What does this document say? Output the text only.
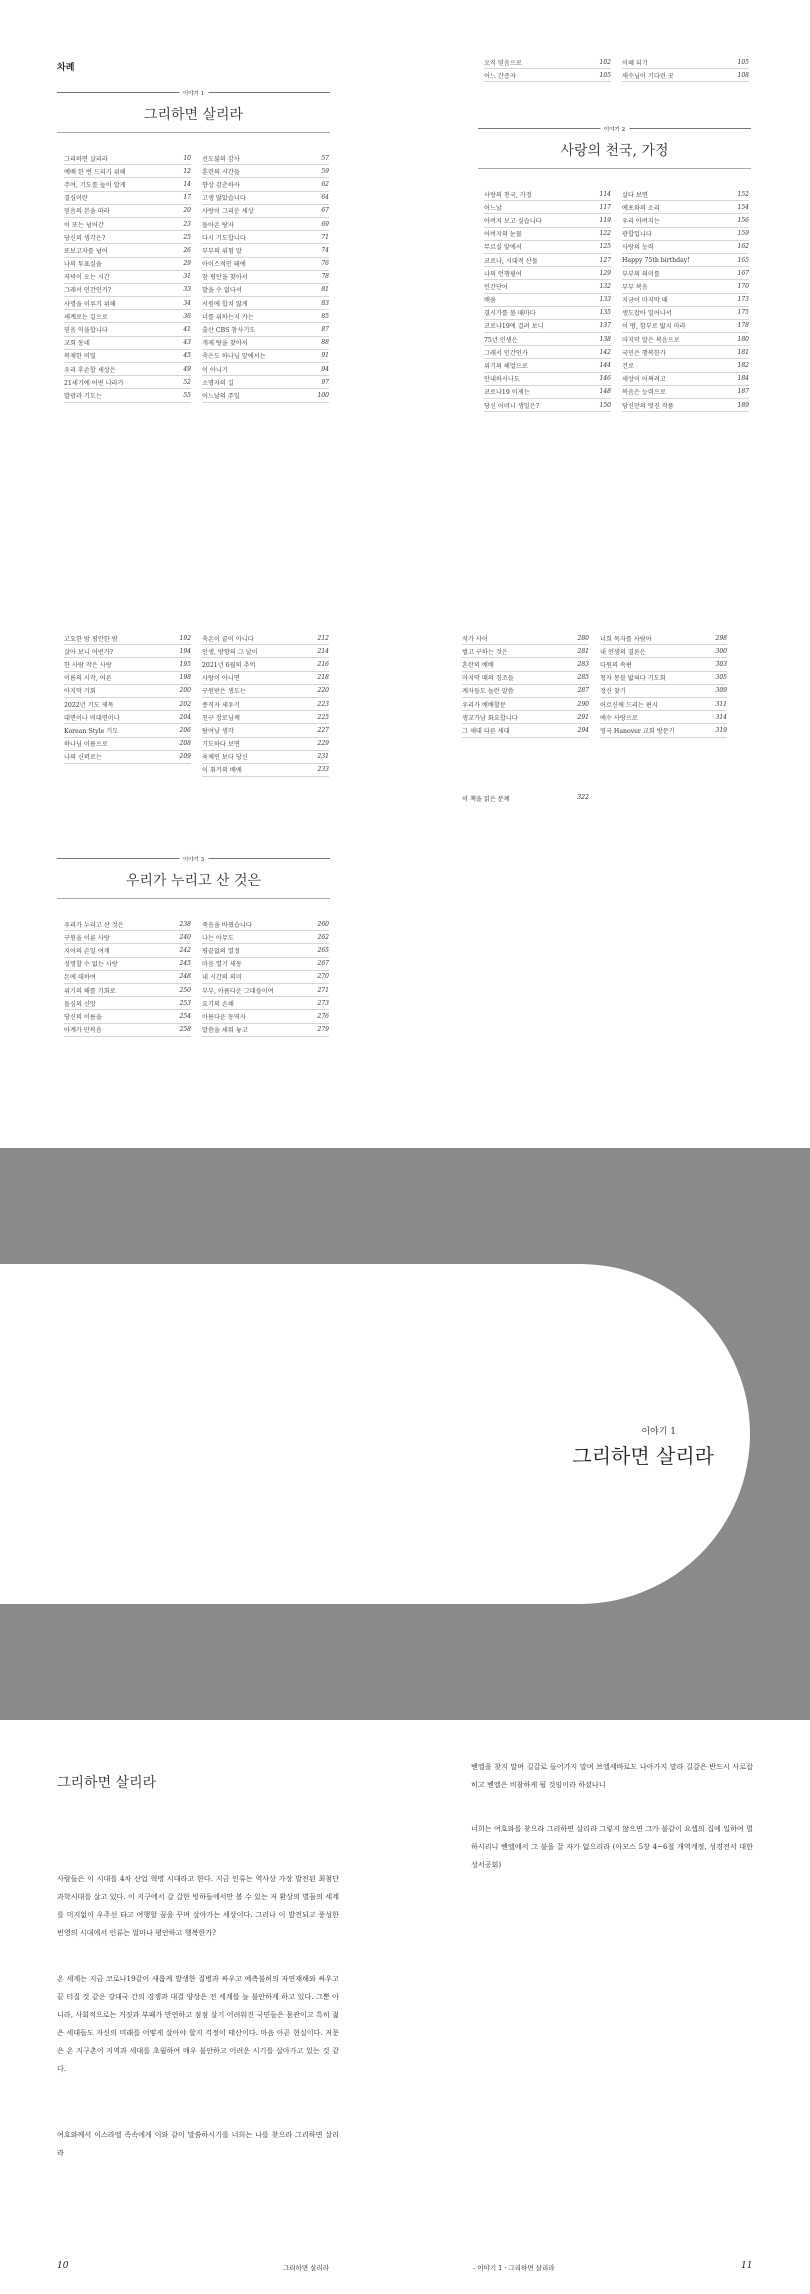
차례
이야기 1
그리하면 살리라
그리하면 살리라	10
예배 한 번 드리기 위해	12
주여, 기도를 높이 알게	14
결심이란	17
믿음의 본을 따라	20
이 또는 넘어간	23
당신의 생각은?	25
또보고자를 넘어	26
나의 투표실을	29
저녁이 오는 시간	31
그래서 인간인가?	33
사명을 이루기 위해	34
세계로는 길으로	36
믿음 익을합니다	41
교회 동네	43
복제한 비밀	45
우리 후손할 세상은	49
21세기에 어떤 나라가	52
발광과 기도는	55
선도불의 감사	57
훈련의 시간들	59
향상 감춘하자	62
고생 많았습니다	64
사랑이 그리운 세상	67
돌아온 탕자	69
다시 기도합니다	71
부부의 위험 말	74
아이스적인 돼에	76
참 평안을 찾아서	78
발을 수 없다서	81
서원에 합치 않게	83
너를 위하는지 가는	85
출산 CBS 참사기도	87
개제 탕을 찾아서	88
축은도 하나님 앞에서는	91
이 아니기	94
소명자의 길	97
어느날의 주일	100
오직 믿음으로	102
어느 간증자	105
이혜 되기	105
새수님이 기다린 곳	108
이야기 2
사랑의 천국, 가정
사랑의 천국, 가정	114
어느날	117
아버지 보고 싶습니다	119
어버지의 눈물	122
무르실 앞에서	125
코로나, 시대적 산물	127
나의 언행필어	129
인간단어	132
배움	133
결시가를 볼 때마다	135
코로나19에 걸려 보니	137
75년 인생은	138
그래서 인간인가	142
위기의 해얼으로	144
안내하시나도	146
코로나19 이제는	148
당신 어머니 생일은?	150
살다 보면	152
예포와의 소리	154
우리 아버지는	156
광합입니다	159
사랑의 능력	162
Happy 75th birthday!	165
부부의 의미를	167
부부 복음	170
지금이 마지막 때	173
생도잡아 일어나서	175
이 땅, 함부로 밟지 마라	178
마지막 말은 복음으로	180
국민은 행복한가	181
건로	182
세상이 어쩌려고	184
복음은 능력으로	187
당신만의 멋진 작품	189
고요한 밤 평안한 밤	192
살아 보니 어떤가?	194
한 사람 작은 사랑	195
이름의 시작, 어른	198
아지막 기회	200
2022년 기도 제목	202
대면이나 비대면이나	204
Korean Style 기도	206
하나님 이름으로	208
나의 신퍼로는	209
축온이 끝이 아니다	212
인생, 방향의 그 날이	214
2021년 6월의 추억	216
사랑이 아니면	218
구원받은 생도는	220
종직자 세우기	223
친구 장로님께	225
탐여남 생각	227
기도하다 보면	229
육체인 보다 당신	231
이 취기의 배에	233
이야기 3
우리가 누리고 산 것은
우리가 누리고 산 것은	238
구원을 이룬 사랑	240
지어의 손일 여재	242
성명할 수 없는 사랑	245
돈에 대하여	248
위기의 해를 기회로	250
돌심의 신앙	253
당신의 이름을	254
아계가 만복음	258
죽음을 바꿨습니다	260
나는 아무도	262
평끝없의 열정	265
마음 열기 새동	267
내 시간의 의미	270
부부, 아름다운 그대들이여	271
요기의 손해	273
아름다운 동역자	276
말씀을 세워 놓고	279
석가 사이	280
벌고 구하는 것은	281
혼란의 예배	283
마지막 때의 징조들	285
계자들도 놀란 말씀	287
우리가 예배할문	290
생교가남 화요합니다	291
그 세대 다른 세대	294
너희 목자를 사람아	298
내 인생의 결론은	300
다원의 속편	303
청자 몽블 밟혀다 기도회	305
정신 찾기	309
어르신께 드리는 편지	311
예수 사랑으로	314
영국 Hanover 교회 방문기	319
이 책을 읽은 분께	322
이야기 1
그리하면 살리라
그리하면 살리라
사람들은 이 시대를 4차 산업 혁명 시대라고 한다. 지금 인류는 역사상 가장 발전된 최첨단 과학시대를 살고 있다. 이 지구에서 갈 갈한 빙하들에서만 볼 수 있는 저 환상의 별들의 세계를 미지없이 우주선 타고 여행할 꿈을 꾸며 살아가는 세상이다. 그러나 이 발전되고 풍성한 번영의 시대에서 인류는 얼마나 평안하고 행복한가?
온 세계는 지금 코로나19같이 새롭게 발생한 질병과 싸우고 예측불허의 자연재해와 싸우고 끝 터질 것 같은 강대국 간의 경쟁과 대결 양상은 전 세계를 늘 불안하게 하고 있다. 그뿐 아니라, 사회적으로는 거짓과 부패가 만연하고 점점 살기 어려워진 국민들은 몸관이고 특히 젊은 세대들도 자신의 미래를 어떻게 살아야 할지 걱정이 태산이다. 마음 아픈 현실이다. 저문은 온 지구촌이 지역과 세대를 초월하여 매우 불안하고 어려운 시기를 살아가고 있는 것 같다.
여호와께서 이스라엘 족속에게 이와 같이 말씀하시기를 너희는 나를 찾으라 그리하면 살리라
10	그리하면 살리라
벧엘을 찾지 말며 길갈로 들어가지 말며 브엘세바로도 나아가지 말라 길갈은 반드시 사로잡히고 벧엘은 비참하게 될 것임이라 하셨나니
너희는 여호와를 찾으라 그리하면 살리라 그렇지 않으면 그가 불같이 요셉의 집에 일하여 멸하시리니 벧엘에서 그 불을 끌 자가 없으리라 (아모스 5장 4~6절 개역개정, 성경전서 대한성서공회)
- 이야기 1 · 그리하면 살리라	11
